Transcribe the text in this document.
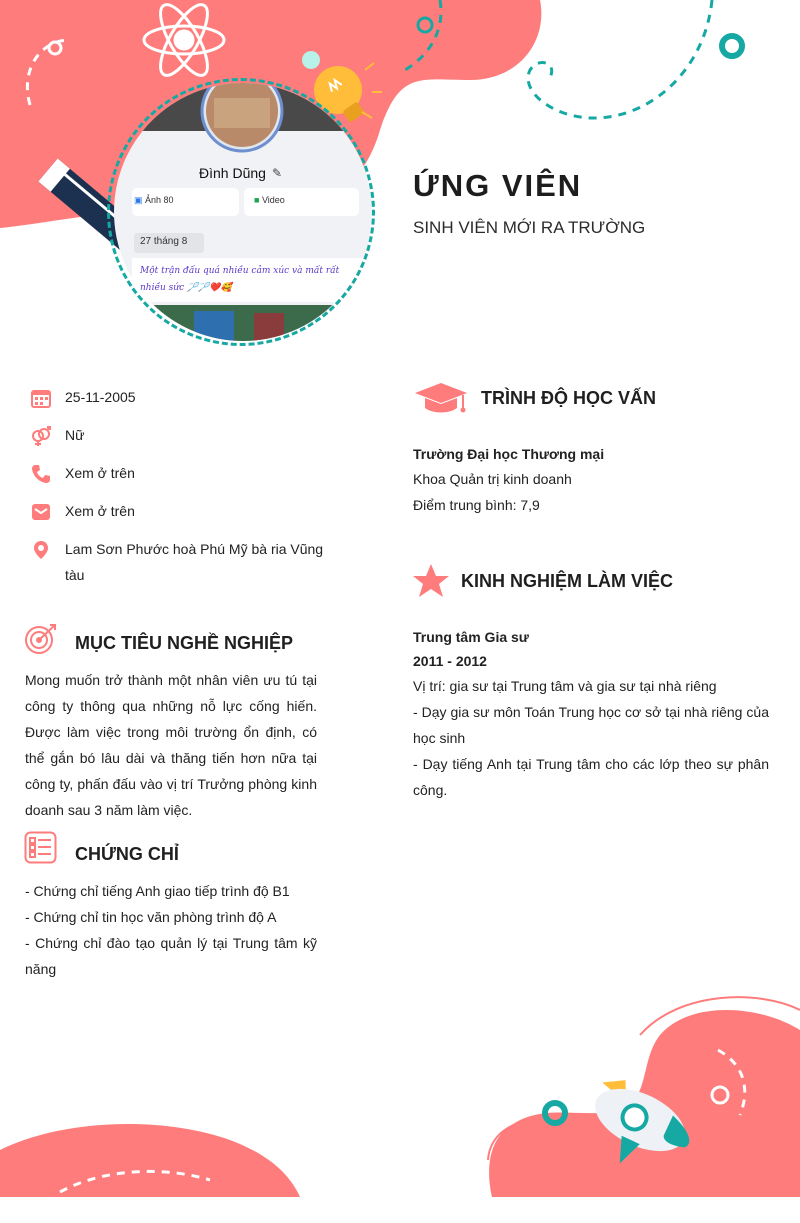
Đình Dũng ✎
▣ Ảnh 80	■ Video
27 tháng 8
Một trận đấu quá nhiều cảm xúc và mất rất nhiều sức 🏸🏸❤️🥰
ỨNG VIÊN
SINH VIÊN MỚI RA TRƯỜNG
25-11-2005
Nữ
Xem ở trên
Xem ở trên
Lam Sơn Phước hoà Phú Mỹ bà ria Vũng tàu
MỤC TIÊU NGHỀ NGHIỆP
Mong muốn trở thành một nhân viên ưu tú tại công ty thông qua những nỗ lực cống hiến. Được làm việc trong môi trường ổn định, có thể gắn bó lâu dài và thăng tiến hơn nữa tại công ty, phấn đấu vào vị trí Trưởng phòng kinh doanh sau 3 năm làm việc.
CHỨNG CHỈ
- Chứng chỉ tiếng Anh giao tiếp trình độ B1
- Chứng chỉ tin học văn phòng trình độ A
- Chứng chỉ đào tạo quản lý tại Trung tâm kỹ năng
TRÌNH ĐỘ HỌC VẤN
Trường Đại học Thương mại
Khoa Quản trị kinh doanh
Điểm trung bình: 7,9
KINH NGHIỆM LÀM VIỆC
Trung tâm Gia sư
2011 - 2012
Vị trí: gia sư tại Trung tâm và gia sư tại nhà riêng
- Dạy gia sư môn Toán Trung học cơ sở tại nhà riêng của học sinh
- Dạy tiếng Anh tại Trung tâm cho các lớp theo sự phân công.
